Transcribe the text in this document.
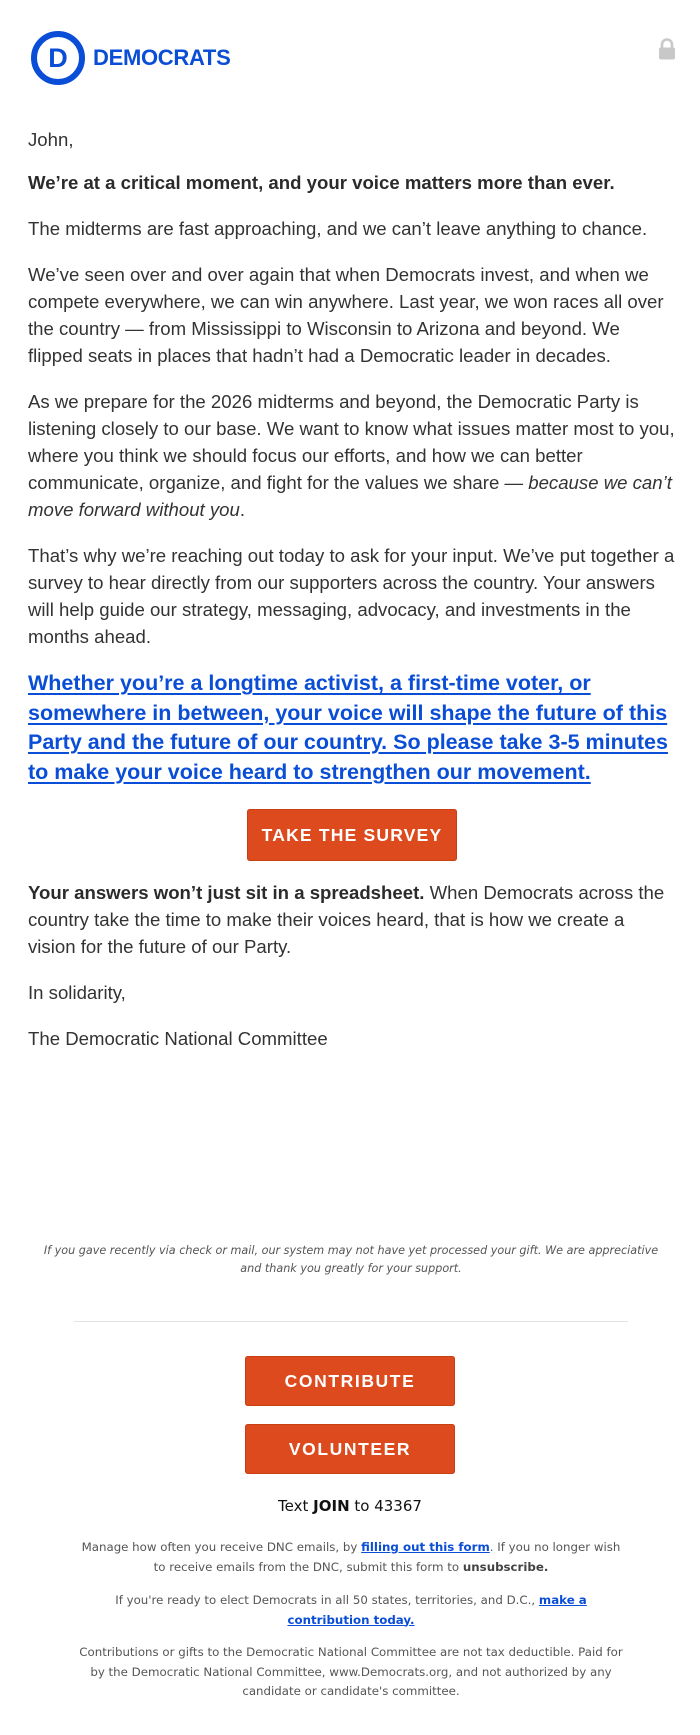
D DEMOCRATS

John,

We’re at a critical moment, and your voice matters more than ever.

The midterms are fast approaching, and we can’t leave anything to chance.

We’ve seen over and over again that when Democrats invest, and when we compete everywhere, we can win anywhere. Last year, we won races all over the country — from Mississippi to Wisconsin to Arizona and beyond. We flipped seats in places that hadn’t had a Democratic leader in decades.

As we prepare for the 2026 midterms and beyond, the Democratic Party is listening closely to our base. We want to know what issues matter most to you, where you think we should focus our efforts, and how we can better communicate, organize, and fight for the values we share — because we can’t move forward without you.

That’s why we’re reaching out today to ask for your input. We’ve put together a survey to hear directly from our supporters across the country. Your answers will help guide our strategy, messaging, advocacy, and investments in the months ahead.

Whether you’re a longtime activist, a first-time voter, or somewhere in between, your voice will shape the future of this Party and the future of our country. So please take 3-5 minutes to make your voice heard to strengthen our movement.
TAKE THE SURVEY

Your answers won’t just sit in a spreadsheet. When Democrats across the country take the time to make their voices heard, that is how we create a vision for the future of our Party.

In solidarity,

The Democratic National Committee

If you gave recently via check or mail, our system may not have yet processed your gift. We are appreciative and thank you greatly for your support.
CONTRIBUTE
VOLUNTEER
Text JOIN to 43367
Manage how often you receive DNC emails, by filling out this form. If you no longer wish to receive emails from the DNC, submit this form to unsubscribe.
If you're ready to elect Democrats in all 50 states, territories, and D.C., make a contribution today.
Contributions or gifts to the Democratic National Committee are not tax deductible. Paid for by the Democratic National Committee, www.Democrats.org, and not authorized by any candidate or candidate's committee.
